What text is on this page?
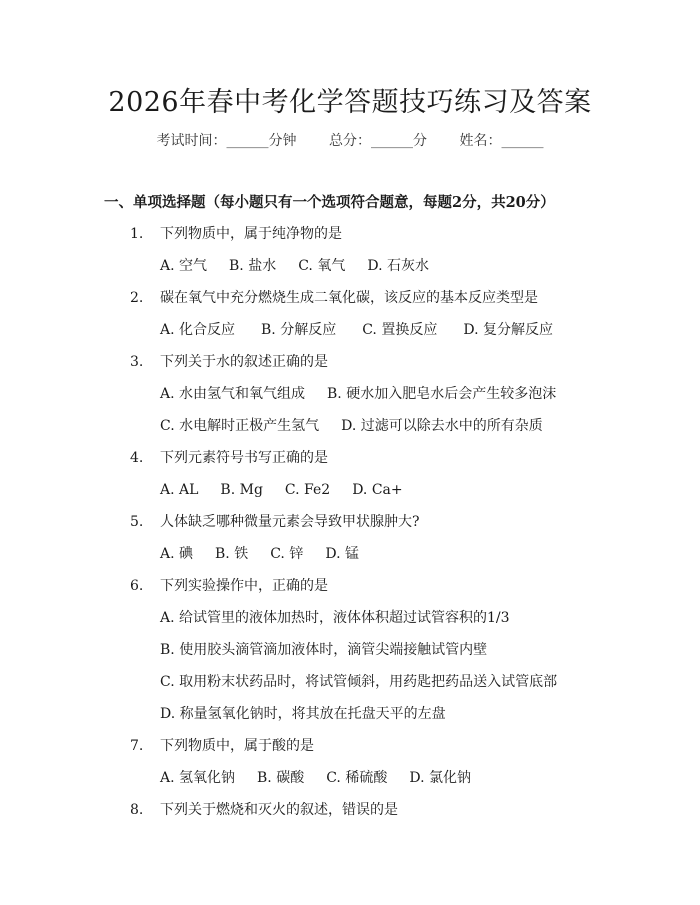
2026年春中考化学答题技巧练习及答案
考试时间：______分钟 总分：______分 姓名：______
一、单项选择题（每小题只有一个选项符合题意，每题2分，共20分）
1. 下列物质中，属于纯净物的是
A. 空气 B. 盐水 C. 氧气 D. 石灰水
2. 碳在氧气中充分燃烧生成二氧化碳，该反应的基本反应类型是
A. 化合反应 B. 分解反应 C. 置换反应 D. 复分解反应
3. 下列关于水的叙述正确的是
A. 水由氢气和氧气组成 B. 硬水加入肥皂水后会产生较多泡沫
C. 水电解时正极产生氢气 D. 过滤可以除去水中的所有杂质
4. 下列元素符号书写正确的是
A. AL B. Mg C. Fe2 D. Ca+
5. 人体缺乏哪种微量元素会导致甲状腺肿大?
A. 碘 B. 铁 C. 锌 D. 锰
6. 下列实验操作中，正确的是
A. 给试管里的液体加热时，液体体积超过试管容积的1/3
B. 使用胶头滴管滴加液体时，滴管尖端接触试管内壁
C. 取用粉末状药品时，将试管倾斜，用药匙把药品送入试管底部
D. 称量氢氧化钠时，将其放在托盘天平的左盘
7. 下列物质中，属于酸的是
A. 氢氧化钠 B. 碳酸 C. 稀硫酸 D. 氯化钠
8. 下列关于燃烧和灭火的叙述，错误的是
